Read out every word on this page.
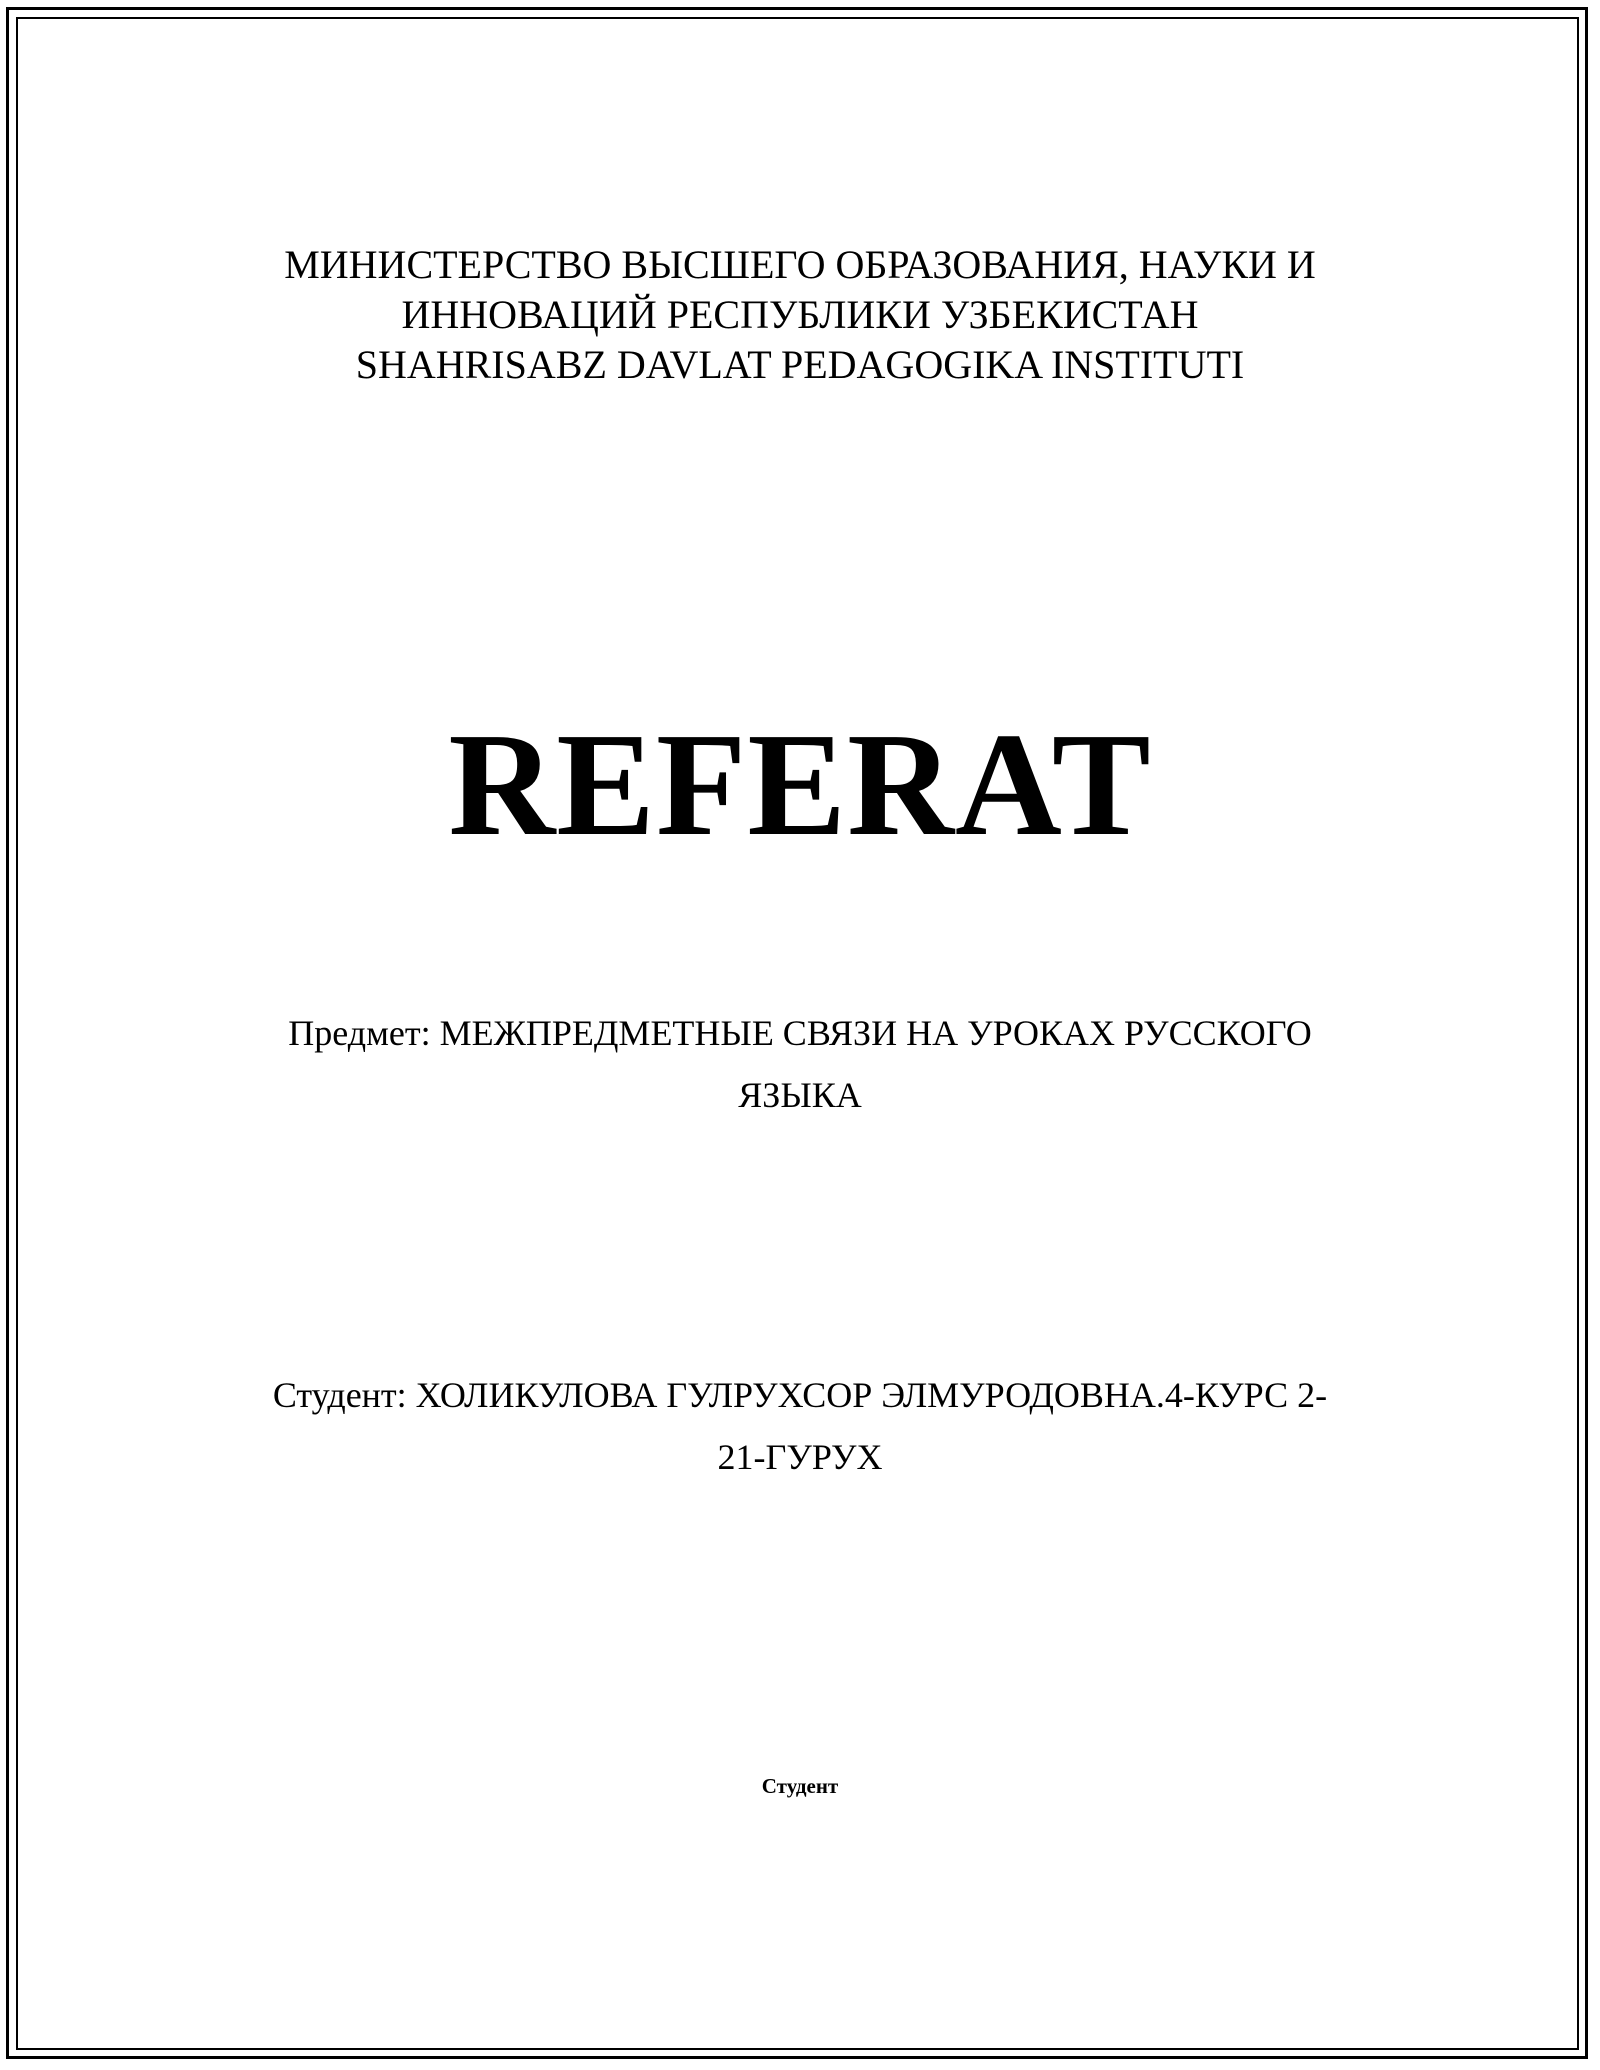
МИНИСТЕРСТВО ВЫСШЕГО ОБРАЗОВАНИЯ, НАУКИ И
ИННОВАЦИЙ РЕСПУБЛИКИ УЗБЕКИСТАН
SHAHRISABZ DAVLAT PEDAGOGIKA INSTITUTI
REFERAT
Предмет: МЕЖПРЕДМЕТНЫЕ СВЯЗИ НА УРОКАХ РУССКОГО
ЯЗЫКА
Студент: ХОЛИКУЛОВА ГУЛРУХСОР ЭЛМУРОДОВНА.4-КУРС 2-
21-ГУРУХ
Студент
